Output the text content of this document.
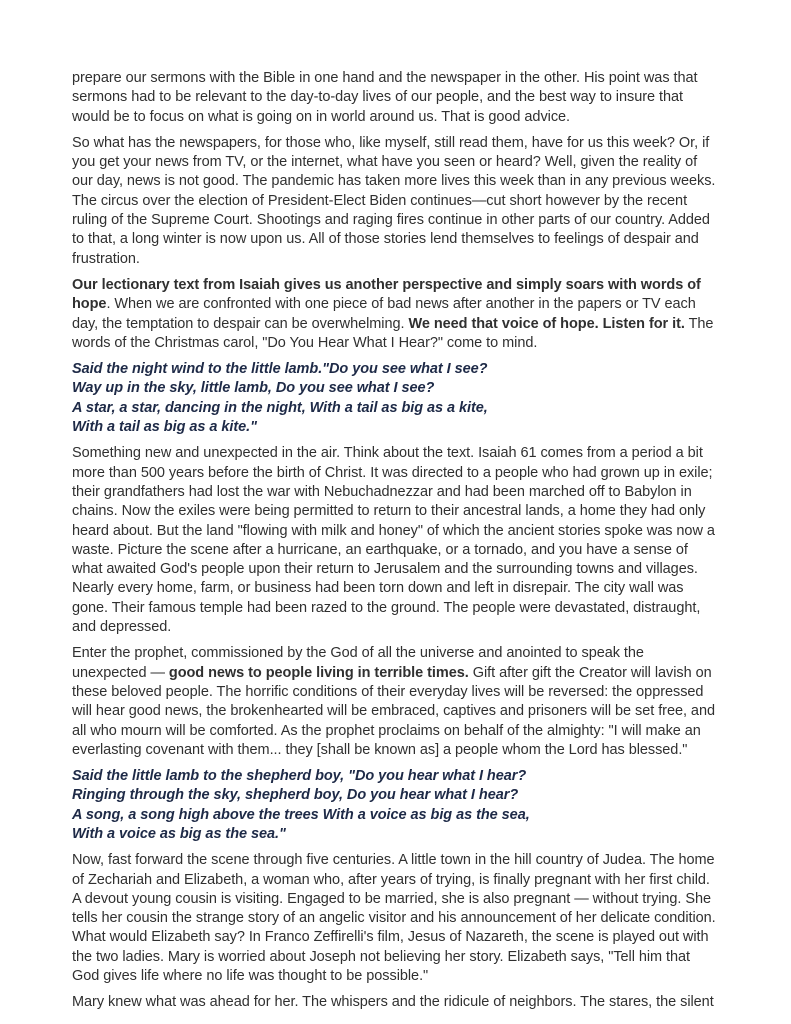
prepare our sermons with the Bible in one hand and the newspaper in the other. His point was that sermons had to be relevant to the day-to-day lives of our people, and the best way to insure that would be to focus on what is going on in world around us. That is good advice.

So what has the newspapers, for those who, like myself, still read them, have for us this week? Or, if you get your news from TV, or the internet, what have you seen or heard? Well, given the reality of our day, news is not good. The pandemic has taken more lives this week than in any previous weeks. The circus over the election of President-Elect Biden continues—cut short however by the recent ruling of the Supreme Court. Shootings and raging fires continue in other parts of our country. Added to that, a long winter is now upon us. All of those stories lend themselves to feelings of despair and frustration.

Our lectionary text from Isaiah gives us another perspective and simply soars with words of hope. When we are confronted with one piece of bad news after another in the papers or TV each day, the temptation to despair can be overwhelming. We need that voice of hope. Listen for it. The words of the Christmas carol, "Do You Hear What I Hear?" come to mind.

Said the night wind to the little lamb."Do you see what I see?
Way up in the sky, little lamb, Do you see what I see?
A star, a star, dancing in the night, With a tail as big as a kite,
With a tail as big as a kite."

Something new and unexpected in the air. Think about the text. Isaiah 61 comes from a period a bit more than 500 years before the birth of Christ. It was directed to a people who had grown up in exile; their grandfathers had lost the war with Nebuchadnezzar and had been marched off to Babylon in chains. Now the exiles were being permitted to return to their ancestral lands, a home they had only heard about. But the land "flowing with milk and honey" of which the ancient stories spoke was now a waste. Picture the scene after a hurricane, an earthquake, or a tornado, and you have a sense of what awaited God's people upon their return to Jerusalem and the surrounding towns and villages. Nearly every home, farm, or business had been torn down and left in disrepair. The city wall was gone. Their famous temple had been razed to the ground. The people were devastated, distraught, and depressed.

Enter the prophet, commissioned by the God of all the universe and anointed to speak the unexpected — good news to people living in terrible times. Gift after gift the Creator will lavish on these beloved people. The horrific conditions of their everyday lives will be reversed: the oppressed will hear good news, the brokenhearted will be embraced, captives and prisoners will be set free, and all who mourn will be comforted. As the prophet proclaims on behalf of the almighty: "I will make an everlasting covenant with them... they [shall be known as] a people whom the Lord has blessed."

Said the little lamb to the shepherd boy, "Do you hear what I hear?
Ringing through the sky, shepherd boy, Do you hear what I hear?
A song, a song high above the trees With a voice as big as the sea,
With a voice as big as the sea."

Now, fast forward the scene through five centuries. A little town in the hill country of Judea. The home of Zechariah and Elizabeth, a woman who, after years of trying, is finally pregnant with her first child. A devout young cousin is visiting. Engaged to be married, she is also pregnant — without trying. She tells her cousin the strange story of an angelic visitor and his announcement of her delicate condition. What would Elizabeth say? In Franco Zeffirelli's film, Jesus of Nazareth, the scene is played out with the two ladies. Mary is worried about Joseph not believing her story. Elizabeth says, "Tell him that God gives life where no life was thought to be possible."

Mary knew what was ahead for her. The whispers and the ridicule of neighbors. The stares, the silent
